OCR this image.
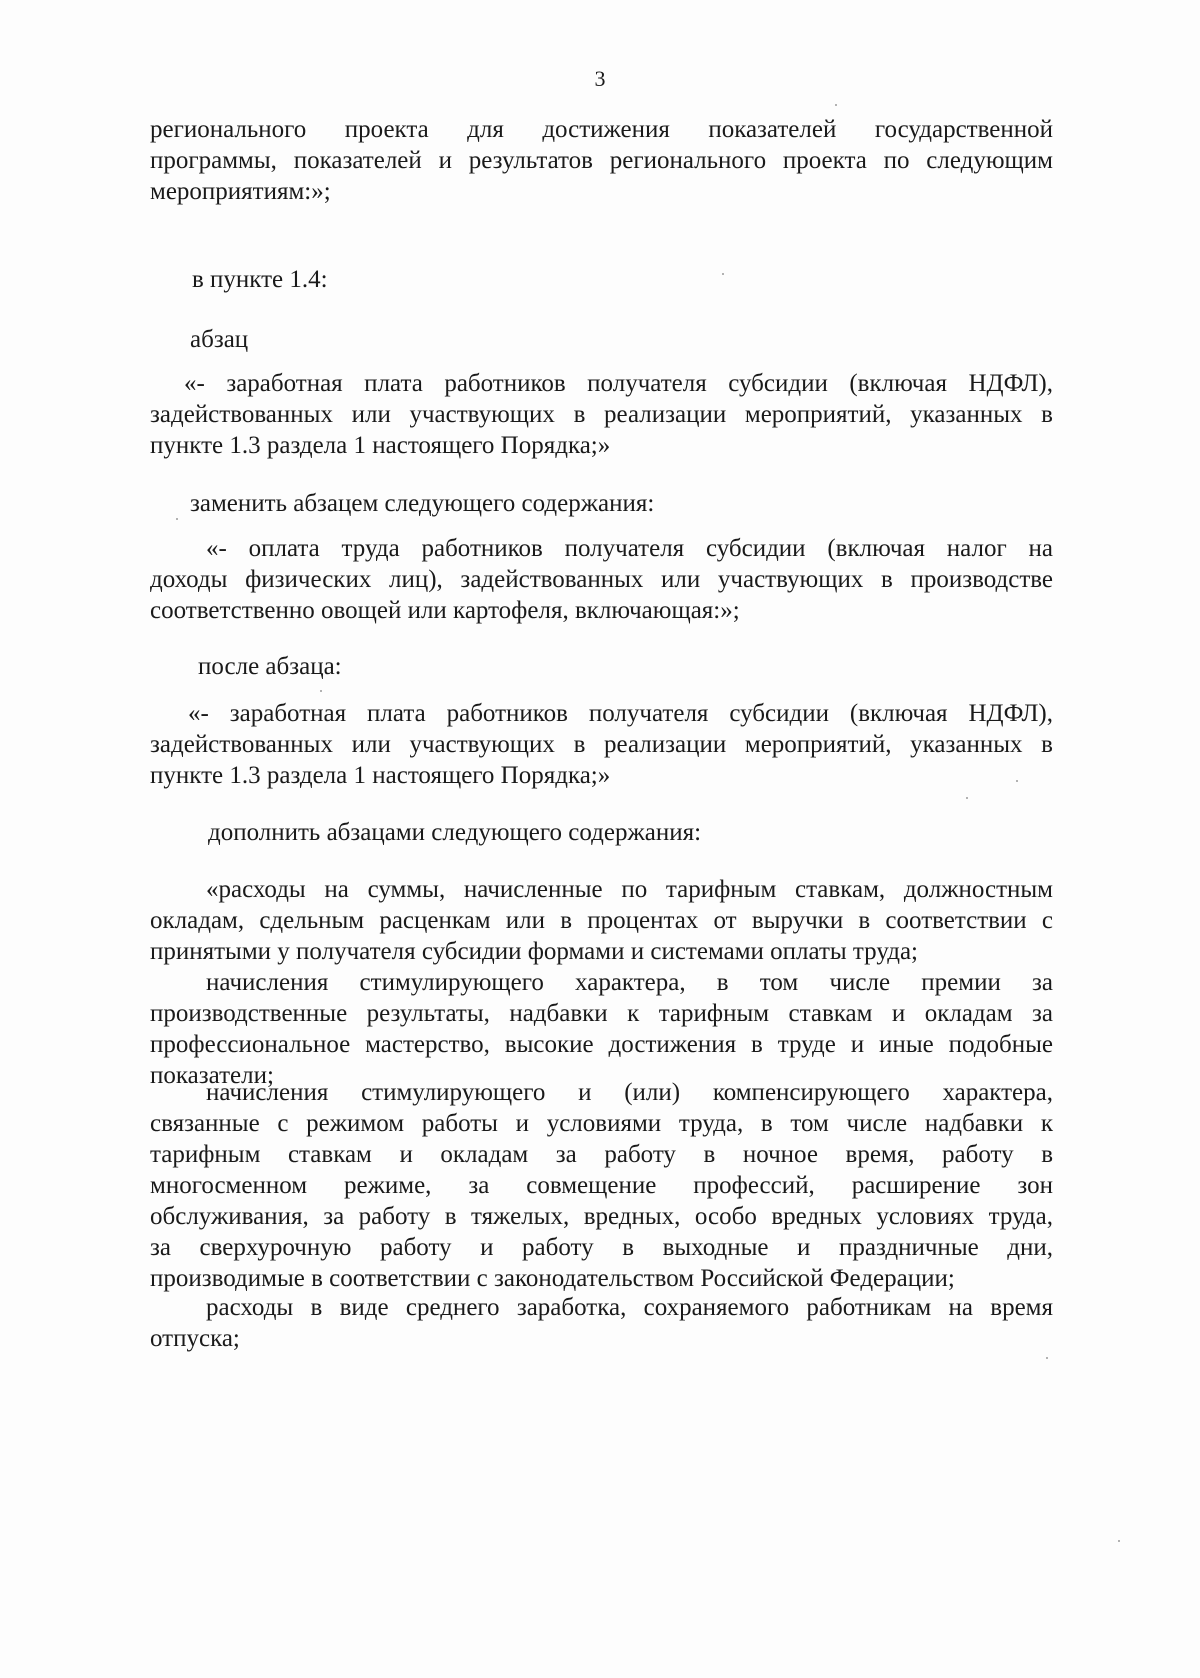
3
регионального проекта для достижения показателей государственной
программы, показателей и результатов регионального проекта по следующим
мероприятиям:»;
в пункте 1.4:
абзац
«- заработная плата работников получателя субсидии (включая НДФЛ),
задействованных или участвующих в реализации мероприятий, указанных в
пункте 1.3 раздела 1 настоящего Порядка;»
заменить абзацем следующего содержания:
«- оплата труда работников получателя субсидии (включая налог на
доходы физических лиц), задействованных или участвующих в производстве
соответственно овощей или картофеля, включающая:»;
после абзаца:
«- заработная плата работников получателя субсидии (включая НДФЛ),
задействованных или участвующих в реализации мероприятий, указанных в
пункте 1.3 раздела 1 настоящего Порядка;»
дополнить абзацами следующего содержания:
«расходы на суммы, начисленные по тарифным ставкам, должностным
окладам, сдельным расценкам или в процентах от выручки в соответствии с
принятыми у получателя субсидии формами и системами оплаты труда;
начисления стимулирующего характера, в том числе премии за
производственные результаты, надбавки к тарифным ставкам и окладам за
профессиональное мастерство, высокие достижения в труде и иные подобные
показатели;
начисления стимулирующего и (или) компенсирующего характера,
связанные с режимом работы и условиями труда, в том числе надбавки к
тарифным ставкам и окладам за работу в ночное время, работу в
многосменном режиме, за совмещение профессий, расширение зон
обслуживания, за работу в тяжелых, вредных, особо вредных условиях труда,
за сверхурочную работу и работу в выходные и праздничные дни,
производимые в соответствии с законодательством Российской Федерации;
расходы в виде среднего заработка, сохраняемого работникам на время
отпуска;
